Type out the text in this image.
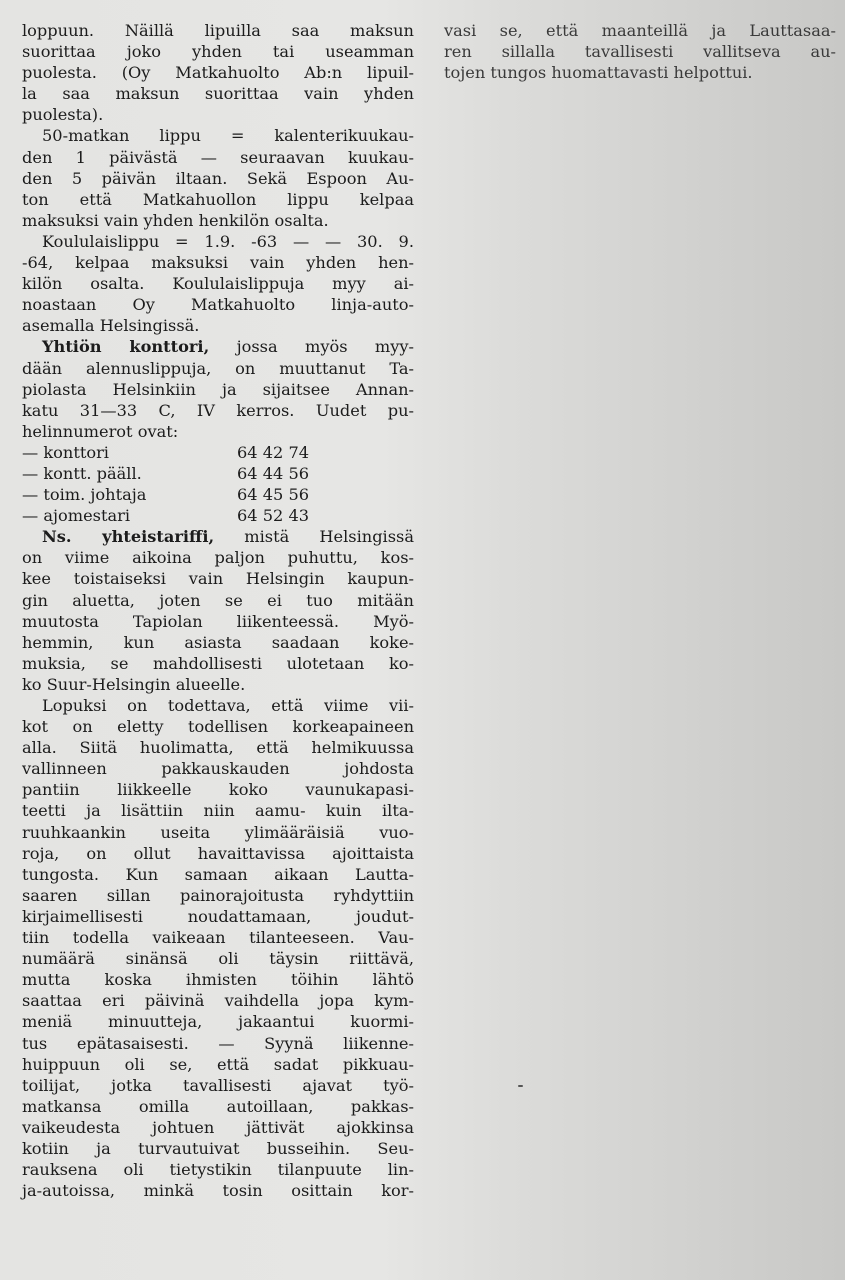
loppuun. Näillä lipuilla saa maksun
suorittaa joko yhden tai useamman
puolesta. (Oy Matkahuolto Ab:n lipuil-
la saa maksun suorittaa vain yhden
puolesta).
50-matkan lippu = kalenterikuukau-
den 1 päivästä — seuraavan kuukau-
den 5 päivän iltaan. Sekä Espoon Au-
ton että Matkahuollon lippu kelpaa
maksuksi vain yhden henkilön osalta.
Koululaislippu = 1.9. -63 — — 30. 9.
-64, kelpaa maksuksi vain yhden hen-
kilön osalta. Koululaislippuja myy ai-
noastaan Oy Matkahuolto linja-auto-
asemalla Helsingissä.
Yhtiön konttori, jossa myös myy-
dään alennuslippuja, on muuttanut Ta-
piolasta Helsinkiin ja sijaitsee Annan-
katu 31—33 C, IV kerros. Uudet pu-
helinnumerot ovat:
— konttori	64 42 74
— kontt. pääll.	64 44 56
— toim. johtaja	64 45 56
— ajomestari	64 52 43
Ns. yhteistariffi, mistä Helsingissä
on viime aikoina paljon puhuttu, kos-
kee toistaiseksi vain Helsingin kaupun-
gin aluetta, joten se ei tuo mitään
muutosta Tapiolan liikenteessä. Myö-
hemmin, kun asiasta saadaan koke-
muksia, se mahdollisesti ulotetaan ko-
ko Suur-Helsingin alueelle.
Lopuksi on todettava, että viime vii-
kot on eletty todellisen korkeapaineen
alla. Siitä huolimatta, että helmikuussa
vallinneen pakkauskauden johdosta
pantiin liikkeelle koko vaunukapasi-
teetti ja lisättiin niin aamu- kuin ilta-
ruuhkaankin useita ylimääräisiä vuo-
roja, on ollut havaittavissa ajoittaista
tungosta. Kun samaan aikaan Lautta-
saaren sillan painorajoitusta ryhdyttiin
kirjaimellisesti noudattamaan, joudut-
tiin todella vaikeaan tilanteeseen. Vau-
numäärä sinänsä oli täysin riittävä,
mutta koska ihmisten töihin lähtö
saattaa eri päivinä vaihdella jopa kym-
meniä minuutteja, jakaantui kuormi-
tus epätasaisesti. — Syynä liikenne-
huippuun oli se, että sadat pikkuau-
toilijat, jotka tavallisesti ajavat työ-
matkansa omilla autoillaan, pakkas-
vaikeudesta johtuen jättivät ajokkinsa
kotiin ja turvautuivat busseihin. Seu-
rauksena oli tietystikin tilanpuute lin-
ja-autoissa, minkä tosin osittain kor-
vasi se, että maanteillä ja Lauttasaa-
ren sillalla tavallisesti vallitseva au-
tojen tungos huomattavasti helpottui.
